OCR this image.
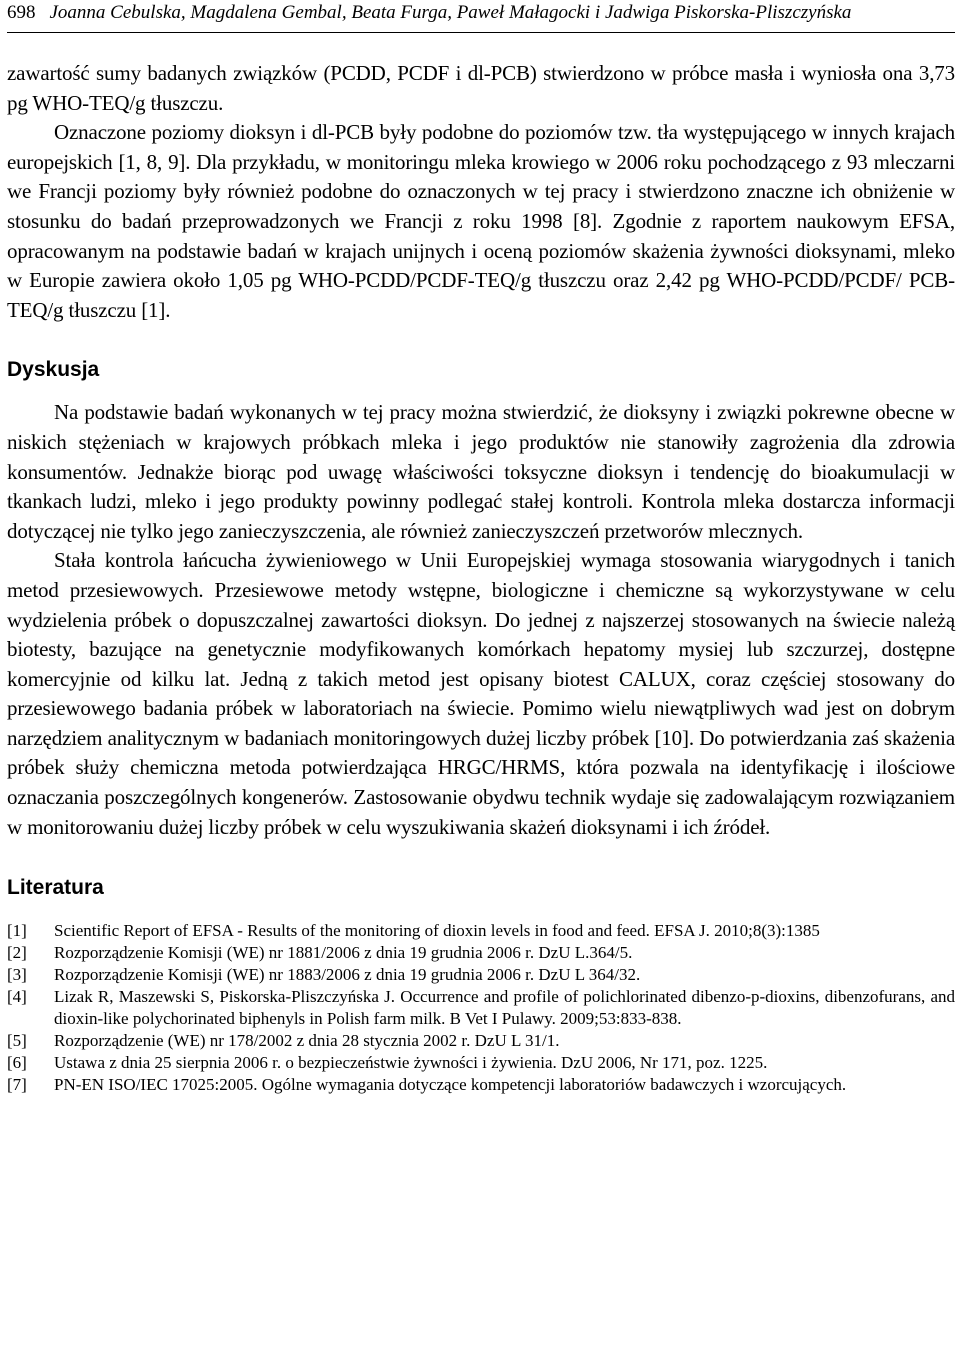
698 Joanna Cebulska, Magdalena Gembal, Beata Furga, Paweł Małagocki i Jadwiga Piskorska-Pliszczyńska

zawartość sumy badanych związków (PCDD, PCDF i dl-PCB) stwierdzono w próbce masła i wyniosła ona 3,73 pg WHO-TEQ/g tłuszczu.

Oznaczone poziomy dioksyn i dl-PCB były podobne do poziomów tzw. tła występującego w innych krajach europejskich [1, 8, 9]. Dla przykładu, w monitoringu mleka krowiego w 2006 roku pochodzącego z 93 mleczarni we Francji poziomy były również podobne do oznaczonych w tej pracy i stwierdzono znaczne ich obniżenie w stosunku do badań przeprowadzonych we Francji z roku 1998 [8]. Zgodnie z raportem naukowym EFSA, opracowanym na podstawie badań w krajach unijnych i oceną poziomów skażenia żywności dioksynami, mleko w Europie zawiera około 1,05 pg WHO-PCDD/PCDF-TEQ/g tłuszczu oraz 2,42 pg WHO-PCDD/PCDF/ PCB-TEQ/g tłuszczu [1].

Dyskusja

Na podstawie badań wykonanych w tej pracy można stwierdzić, że dioksyny i związki pokrewne obecne w niskich stężeniach w krajowych próbkach mleka i jego produktów nie stanowiły zagrożenia dla zdrowia konsumentów. Jednakże biorąc pod uwagę właściwości toksyczne dioksyn i tendencję do bioakumulacji w tkankach ludzi, mleko i jego produkty powinny podlegać stałej kontroli. Kontrola mleka dostarcza informacji dotyczącej nie tylko jego zanieczyszczenia, ale również zanieczyszczeń przetworów mlecznych.

Stała kontrola łańcucha żywieniowego w Unii Europejskiej wymaga stosowania wiarygodnych i tanich metod przesiewowych. Przesiewowe metody wstępne, biologiczne i chemiczne są wykorzystywane w celu wydzielenia próbek o dopuszczalnej zawartości dioksyn. Do jednej z najszerzej stosowanych na świecie należą biotesty, bazujące na genetycznie modyfikowanych komórkach hepatomy mysiej lub szczurzej, dostępne komercyjnie od kilku lat. Jedną z takich metod jest opisany biotest CALUX, coraz częściej stosowany do przesiewowego badania próbek w laboratoriach na świecie. Pomimo wielu niewątpliwych wad jest on dobrym narzędziem analitycznym w badaniach monitoringowych dużej liczby próbek [10]. Do potwierdzania zaś skażenia próbek służy chemiczna metoda potwierdzająca HRGC/HRMS, która pozwala na identyfikację i ilościowe oznaczania poszczególnych kongenerów. Zastosowanie obydwu technik wydaje się zadowalającym rozwiązaniem w monitorowaniu dużej liczby próbek w celu wyszukiwania skażeń dioksynami i ich źródeł.

Literatura
[1]	Scientific Report of EFSA - Results of the monitoring of dioxin levels in food and feed. EFSA J. 2010;8(3):1385
[2]	Rozporządzenie Komisji (WE) nr 1881/2006 z dnia 19 grudnia 2006 r. DzU L.364/5.
[3]	Rozporządzenie Komisji (WE) nr 1883/2006 z dnia 19 grudnia 2006 r. DzU L 364/32.
[4]	Lizak R, Maszewski S, Piskorska-Pliszczyńska J. Occurrence and profile of polichlorinated dibenzo-p-dioxins, dibenzofurans, and dioxin-like polychorinated biphenyls in Polish farm milk. B Vet I Pulawy. 2009;53:833-838.
[5]	Rozporządzenie (WE) nr 178/2002 z dnia 28 stycznia 2002 r. DzU L 31/1.
[6]	Ustawa z dnia 25 sierpnia 2006 r. o bezpieczeństwie żywności i żywienia. DzU 2006, Nr 171, poz. 1225.
[7]	PN-EN ISO/IEC 17025:2005. Ogólne wymagania dotyczące kompetencji laboratoriów badawczych i wzorcujących.
